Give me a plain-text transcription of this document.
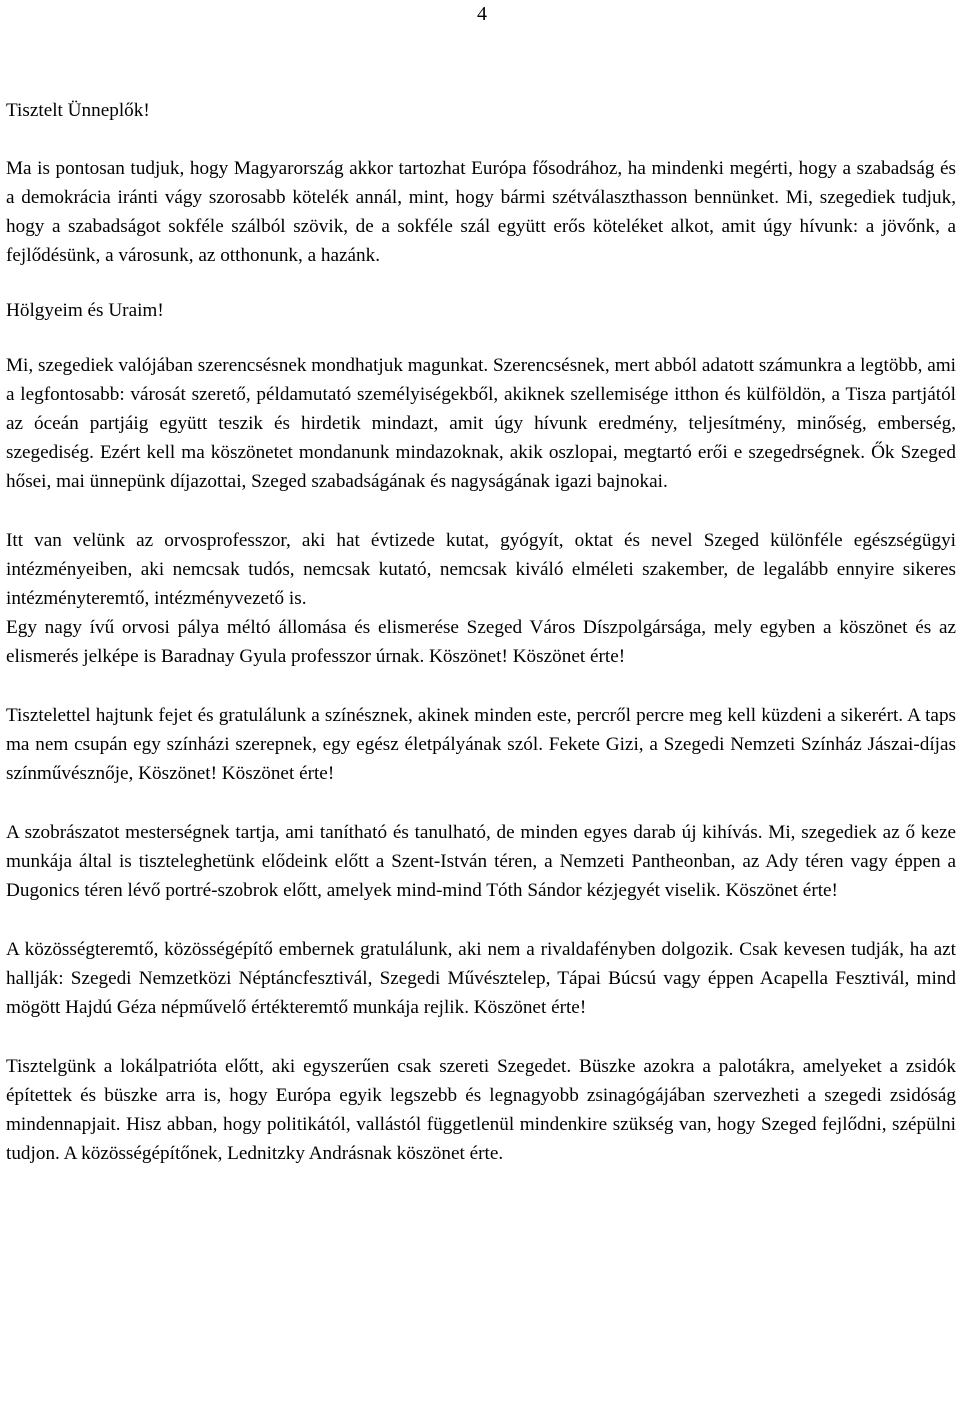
4

Tisztelt Ünneplők!

Ma is pontosan tudjuk, hogy Magyarország akkor tartozhat Európa fősodrához, ha mindenki megérti, hogy a szabadság és a demokrácia iránti vágy szorosabb kötelék annál, mint, hogy bármi szétválaszthasson bennünket. Mi, szegediek tudjuk, hogy a szabadságot sokféle szálból szövik, de a sokféle szál együtt erős köteléket alkot, amit úgy hívunk: a jövőnk, a fejlődésünk, a városunk, az otthonunk, a hazánk.

Hölgyeim és Uraim!

Mi, szegediek valójában szerencsésnek mondhatjuk magunkat. Szerencsésnek, mert abból adatott számunkra a legtöbb, ami a legfontosabb: városát szerető, példamutató személyiségekből, akiknek szellemisége itthon és külföldön, a Tisza partjától az óceán partjáig együtt teszik és hirdetik mindazt, amit úgy hívunk eredmény, teljesítmény, minőség, emberség, szegediség. Ezért kell ma köszönetet mondanunk mindazoknak, akik oszlopai, megtartó erői e szegedrségnek. Ők Szeged hősei, mai ünnepünk díjazottai, Szeged szabadságának és nagyságának igazi bajnokai.

Itt van velünk az orvosprofesszor, aki hat évtizede kutat, gyógyít, oktat és nevel Szeged különféle egészségügyi intézményeiben, aki nemcsak tudós, nemcsak kutató, nemcsak kiváló elméleti szakember, de legalább ennyire sikeres intézményteremtő, intézményvezető is.

Egy nagy ívű orvosi pálya méltó állomása és elismerése Szeged Város Díszpolgársága, mely egyben a köszönet és az elismerés jelképe is Baradnay Gyula professzor úrnak. Köszönet! Köszönet érte!

Tisztelettel hajtunk fejet és gratulálunk a színésznek, akinek minden este, percről percre meg kell küzdeni a sikerért. A taps ma nem csupán egy színházi szerepnek, egy egész életpályának szól. Fekete Gizi, a Szegedi Nemzeti Színház Jászai-díjas színművésznője, Köszönet! Köszönet érte!

A szobrászatot mesterségnek tartja, ami tanítható és tanulható, de minden egyes darab új kihívás. Mi, szegediek az ő keze munkája által is tiszteleghetünk elődeink előtt a Szent-István téren, a Nemzeti Pantheonban, az Ady téren vagy éppen a Dugonics téren lévő portré-szobrok előtt, amelyek mind-mind Tóth Sándor kézjegyét viselik. Köszönet érte!

A közösségteremtő, közösségépítő embernek gratulálunk, aki nem a rivaldafényben dolgozik. Csak kevesen tudják, ha azt hallják: Szegedi Nemzetközi Néptáncfesztivál, Szegedi Művésztelep, Tápai Búcsú vagy éppen Acapella Fesztivál, mind mögött Hajdú Géza népművelő értékteremtő munkája rejlik. Köszönet érte!

Tisztelgünk a lokálpatrióta előtt, aki egyszerűen csak szereti Szegedet. Büszke azokra a palotákra, amelyeket a zsidók építettek és büszke arra is, hogy Európa egyik legszebb és legnagyobb zsinagógájában szervezheti a szegedi zsidóság mindennapjait. Hisz abban, hogy politikától, vallástól függetlenül mindenkire szükség van, hogy Szeged fejlődni, szépülni tudjon. A közösségépítőnek, Lednitzky Andrásnak köszönet érte.
